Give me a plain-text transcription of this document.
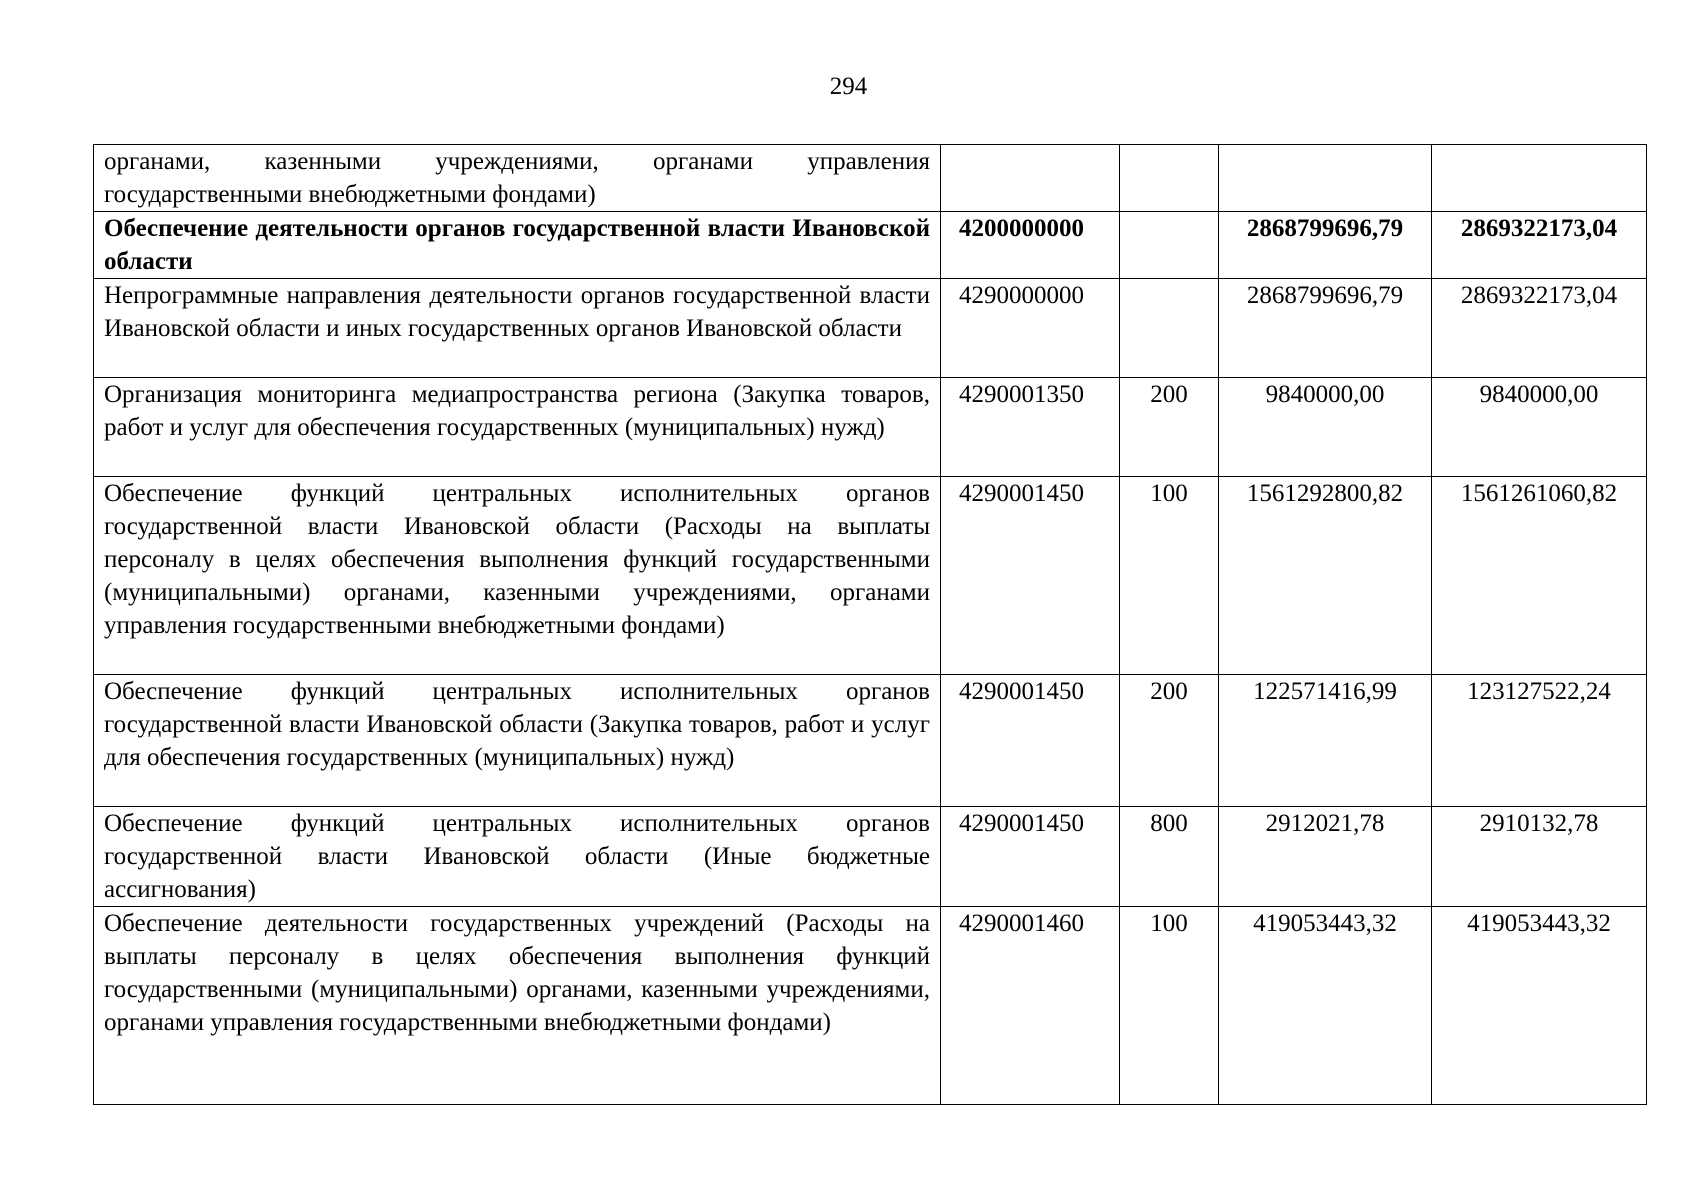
294
органами, казенными учреждениями, органами управления государственными внебюджетными фондами)				
Обеспечение деятельности органов государственной власти Ивановской области	4200000000		2868799696,79	2869322173,04
Непрограммные направления деятельности органов государственной власти Ивановской области и иных государственных органов Ивановской области	4290000000		2868799696,79	2869322173,04
Организация мониторинга медиапространства региона (Закупка товаров, работ и услуг для обеспечения государственных (муниципальных) нужд)	4290001350	200	9840000,00	9840000,00
Обеспечение функций центральных исполнительных органов государственной власти Ивановской области (Расходы на выплаты персоналу в целях обеспечения выполнения функций государственными (муниципальными) органами, казенными учреждениями, органами управления государственными внебюджетными фондами)	4290001450	100	1561292800,82	1561261060,82
Обеспечение функций центральных исполнительных органов государственной власти Ивановской области (Закупка товаров, работ и услуг для обеспечения государственных (муниципальных) нужд)	4290001450	200	122571416,99	123127522,24
Обеспечение функций центральных исполнительных органов государственной власти Ивановской области (Иные бюджетные ассигнования)	4290001450	800	2912021,78	2910132,78
Обеспечение деятельности государственных учреждений (Расходы на выплаты персоналу в целях обеспечения выполнения функций государственными (муниципальными) органами, казенными учреждениями, органами управления государственными внебюджетными фондами)	4290001460	100	419053443,32	419053443,32
